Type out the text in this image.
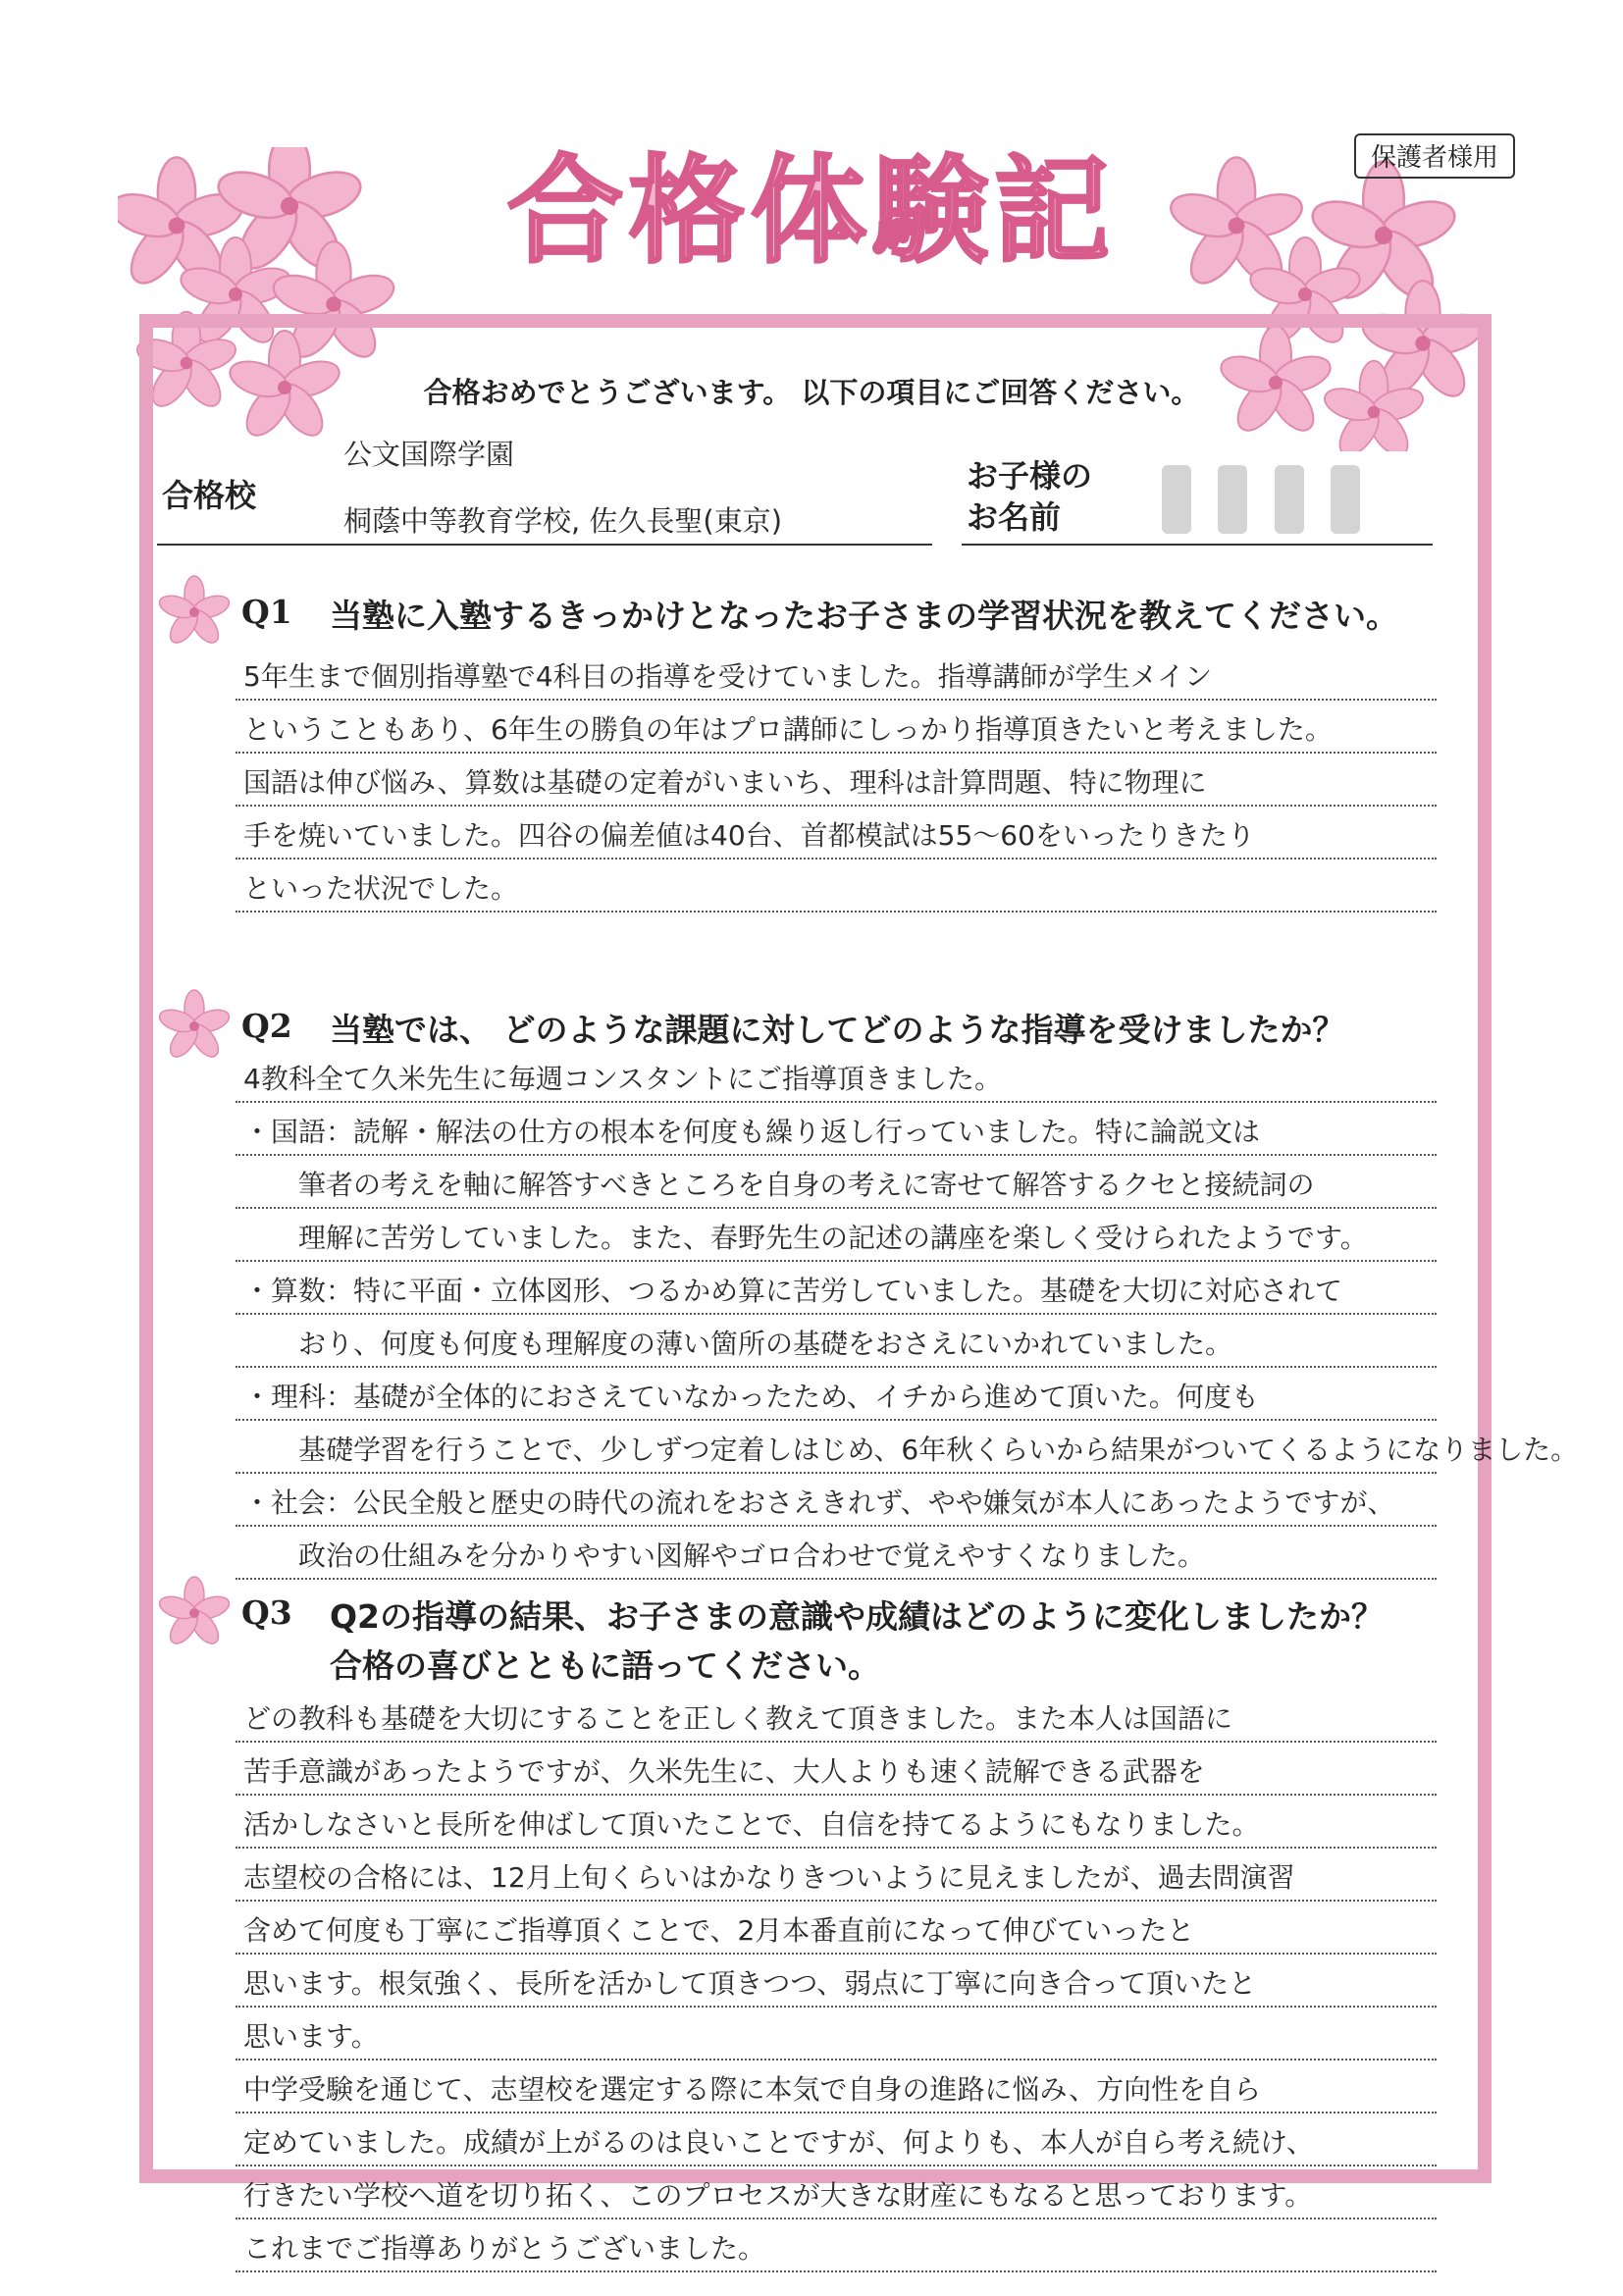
保護者様用
合格体験記
合格おめでとうございます。 以下の項目にご回答ください。
合格校
公文国際学園
桐蔭中等教育学校, 佐久長聖(東京)
お子様の
お名前
Q1 当塾に入塾するきっかけとなったお子さまの学習状況を教えてください。
5年生まで個別指導塾で4科目の指導を受けていました。指導講師が学生メイン
ということもあり、6年生の勝負の年はプロ講師にしっかり指導頂きたいと考えました。
国語は伸び悩み、算数は基礎の定着がいまいち、理科は計算問題、特に物理に
手を焼いていました。四谷の偏差値は40台、首都模試は55～60をいったりきたり
といった状況でした。
Q2 当塾では、 どのような課題に対してどのような指導を受けましたか？
4教科全て久米先生に毎週コンスタントにご指導頂きました。
・国語：読解・解法の仕方の根本を何度も繰り返し行っていました。特に論説文は
　　筆者の考えを軸に解答すべきところを自身の考えに寄せて解答するクセと接続詞の
　　理解に苦労していました。また、春野先生の記述の講座を楽しく受けられたようです。
・算数：特に平面・立体図形、つるかめ算に苦労していました。基礎を大切に対応されて
　　おり、何度も何度も理解度の薄い箇所の基礎をおさえにいかれていました。
・理科：基礎が全体的におさえていなかったため、イチから進めて頂いた。何度も
　　基礎学習を行うことで、少しずつ定着しはじめ、6年秋くらいから結果がついてくるようになりました。
・社会：公民全般と歴史の時代の流れをおさえきれず、やや嫌気が本人にあったようですが、
　　政治の仕組みを分かりやすい図解やゴロ合わせで覚えやすくなりました。
Q3 Q2の指導の結果、お子さまの意識や成績はどのように変化しましたか？
合格の喜びとともに語ってください。
どの教科も基礎を大切にすることを正しく教えて頂きました。また本人は国語に
苦手意識があったようですが、久米先生に、大人よりも速く読解できる武器を
活かしなさいと長所を伸ばして頂いたことで、自信を持てるようにもなりました。
志望校の合格には、12月上旬くらいはかなりきついように見えましたが、過去問演習
含めて何度も丁寧にご指導頂くことで、2月本番直前になって伸びていったと
思います。根気強く、長所を活かして頂きつつ、弱点に丁寧に向き合って頂いたと
思います。
中学受験を通じて、志望校を選定する際に本気で自身の進路に悩み、方向性を自ら
定めていました。成績が上がるのは良いことですが、何よりも、本人が自ら考え続け、
行きたい学校へ道を切り拓く、このプロセスが大きな財産にもなると思っております。
これまでご指導ありがとうございました。
